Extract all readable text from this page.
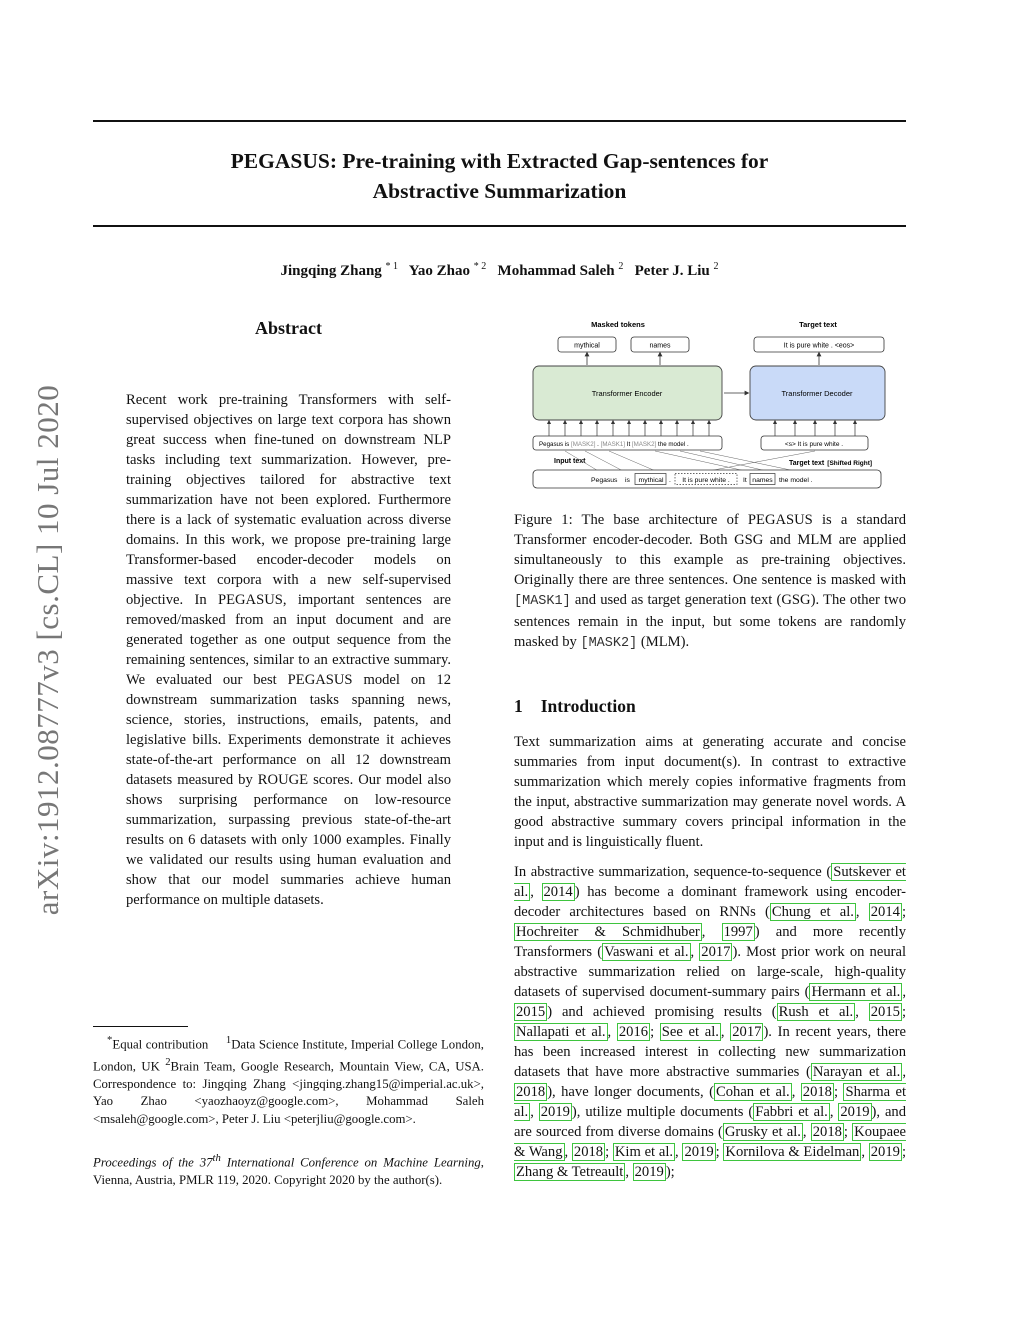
PEGASUS: Pre-training with Extracted Gap-sentences for
Abstractive Summarization
Jingqing Zhang $^{* 1}$ Yao Zhao $^{* 2}$ Mohammad Saleh $^2$ Peter J. Liu $^2$
arXiv:1912.08777v3 [cs.CL] 10 Jul 2020
Abstract
Recent work pre-training Transformers with self-supervised objectives on large text corpora has shown great success when fine-tuned on downstream NLP tasks including text summarization. However, pre-training objectives tailored for abstractive text summarization have not been explored. Furthermore there is a lack of systematic evaluation across diverse domains. In this work, we propose pre-training large Transformer-based encoder-decoder models on massive text corpora with a new self-supervised objective. In PEGASUS, important sentences are removed/masked from an input document and are generated together as one output sequence from the remaining sentences, similar to an extractive summary. We evaluated our best PEGASUS model on 12 downstream summarization tasks spanning news, science, stories, instructions, emails, patents, and legislative bills. Experiments demonstrate it achieves state-of-the-art performance on all 12 downstream datasets measured by ROUGE scores. Our model also shows surprising performance on low-resource summarization, surpassing previous state-of-the-art results on 6 datasets with only 1000 examples. Finally we validated our results using human evaluation and show that our model summaries achieve human performance on multiple datasets.
*Equal contribution $^1$Data Science Institute, Imperial College London, London, UK $^2$Brain Team, Google Research, Mountain View, CA, USA. Correspondence to: Jingqing Zhang <jingqing.zhang15@imperial.ac.uk>, Yao Zhao <yaozhaoyz@google.com>, Mohammad Saleh <msaleh@google.com>, Peter J. Liu <peterjliu@google.com>.
Proceedings of the 37th International Conference on Machine Learning, Vienna, Austria, PMLR 119, 2020. Copyright 2020 by the author(s).
Masked tokens	Target text
mythical	names	It is pure white . <eos>
Transformer Encoder	Transformer Decoder
Pegasus is [MASK2] . [MASK1] It [MASK2] the model .	<s> It is pure white .
Input text	Target text [Shifted Right]
Pegasus is mythical . It is pure white . It names the model .
Figure 1: The base architecture of PEGASUS is a standard Transformer encoder-decoder. Both GSG and MLM are applied simultaneously to this example as pre-training objectives. Originally there are three sentences. One sentence is masked with [MASK1] and used as target generation text (GSG). The other two sentences remain in the input, but some tokens are randomly masked by [MASK2] (MLM).
1 Introduction
Text summarization aims at generating accurate and concise summaries from input document(s). In contrast to extractive summarization which merely copies informative fragments from the input, abstractive summarization may generate novel words. A good abstractive summary covers principal information in the input and is linguistically fluent.
In abstractive summarization, sequence-to-sequence ( Sutskever et al. , 2014 ) has become a dominant framework using encoder-decoder architectures based on RNNs ( Chung et al. , 2014 ; Hochreiter & Schmidhuber , 1997 ) and more recently Transformers ( Vaswani et al. , 2017 ). Most prior work on neural abstractive summarization relied on large-scale, high-quality datasets of supervised document-summary pairs ( Hermann et al. , 2015 ) and achieved promising results ( Rush et al. , 2015 ; Nallapati et al. , 2016 ; See et al. , 2017 ). In recent years, there has been increased interest in collecting new summarization datasets that have more abstractive summaries ( Narayan et al. , 2018 ), have longer documents, ( Cohan et al. , 2018 ; Sharma et al. , 2019 ), utilize multiple documents ( Fabbri et al. , 2019 ), and are sourced from diverse domains ( Grusky et al. , 2018 ; Koupaee & Wang , 2018 ; Kim et al. , 2019 ; Kornilova & Eidelman , 2019 ; Zhang & Tetreault , 2019 );
